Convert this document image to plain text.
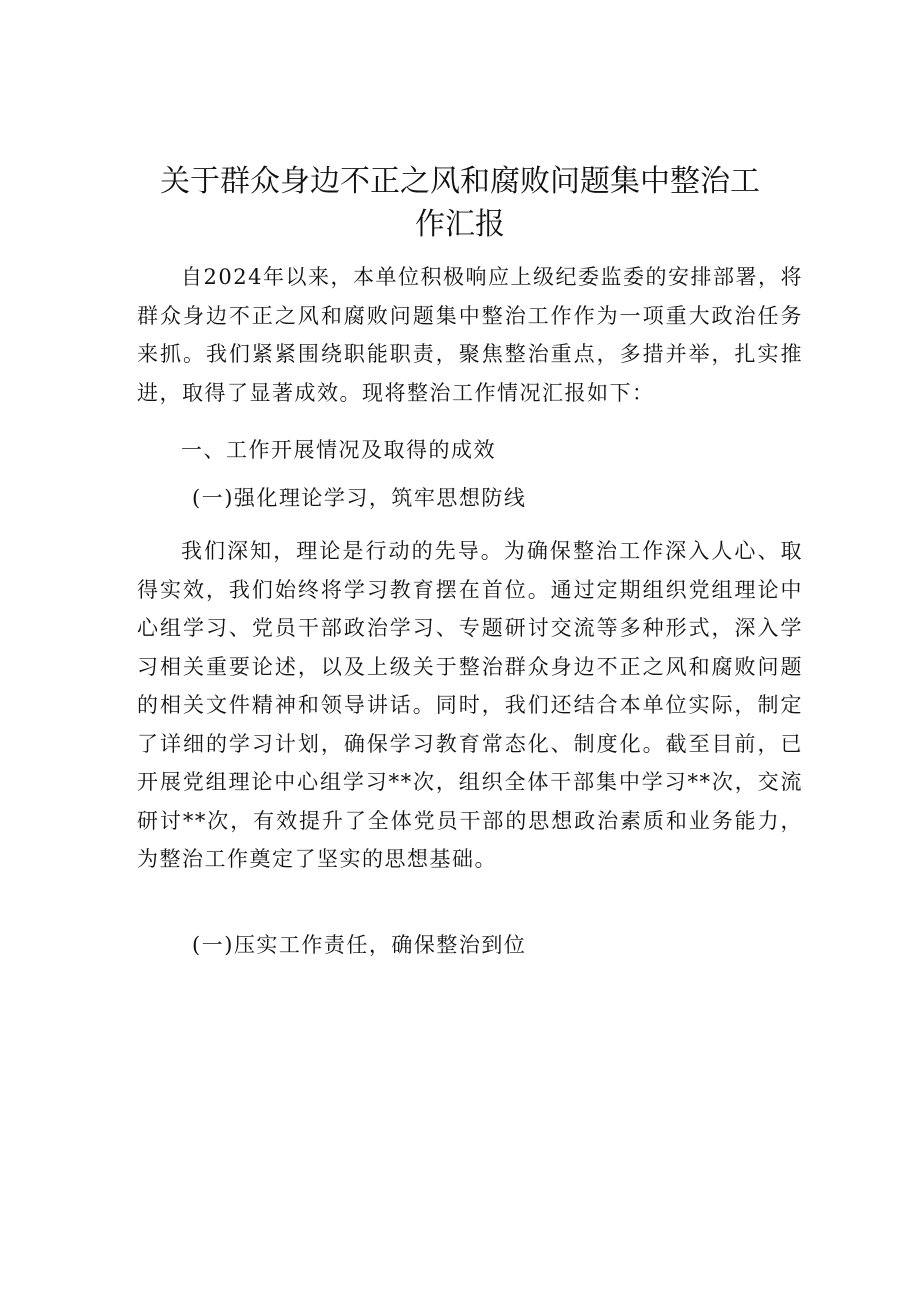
关于群众身边不正之风和腐败问题集中整治工
作汇报

自2024年以来，本单位积极响应上级纪委监委的安排部署，将群众身边不正之风和腐败问题集中整治工作作为一项重大政治任务来抓。我们紧紧围绕职能职责，聚焦整治重点，多措并举，扎实推进，取得了显著成效。现将整治工作情况汇报如下：

一、工作开展情况及取得的成效

(一)强化理论学习，筑牢思想防线

我们深知，理论是行动的先导。为确保整治工作深入人心、取得实效，我们始终将学习教育摆在首位。通过定期组织党组理论中心组学习、党员干部政治学习、专题研讨交流等多种形式，深入学习相关重要论述，以及上级关于整治群众身边不正之风和腐败问题的相关文件精神和领导讲话。同时，我们还结合本单位实际，制定了详细的学习计划，确保学习教育常态化、制度化。截至目前，已开展党组理论中心组学习**次，组织全体干部集中学习**次，交流研讨**次，有效提升了全体党员干部的思想政治素质和业务能力，为整治工作奠定了坚实的思想基础。

(一)压实工作责任，确保整治到位
